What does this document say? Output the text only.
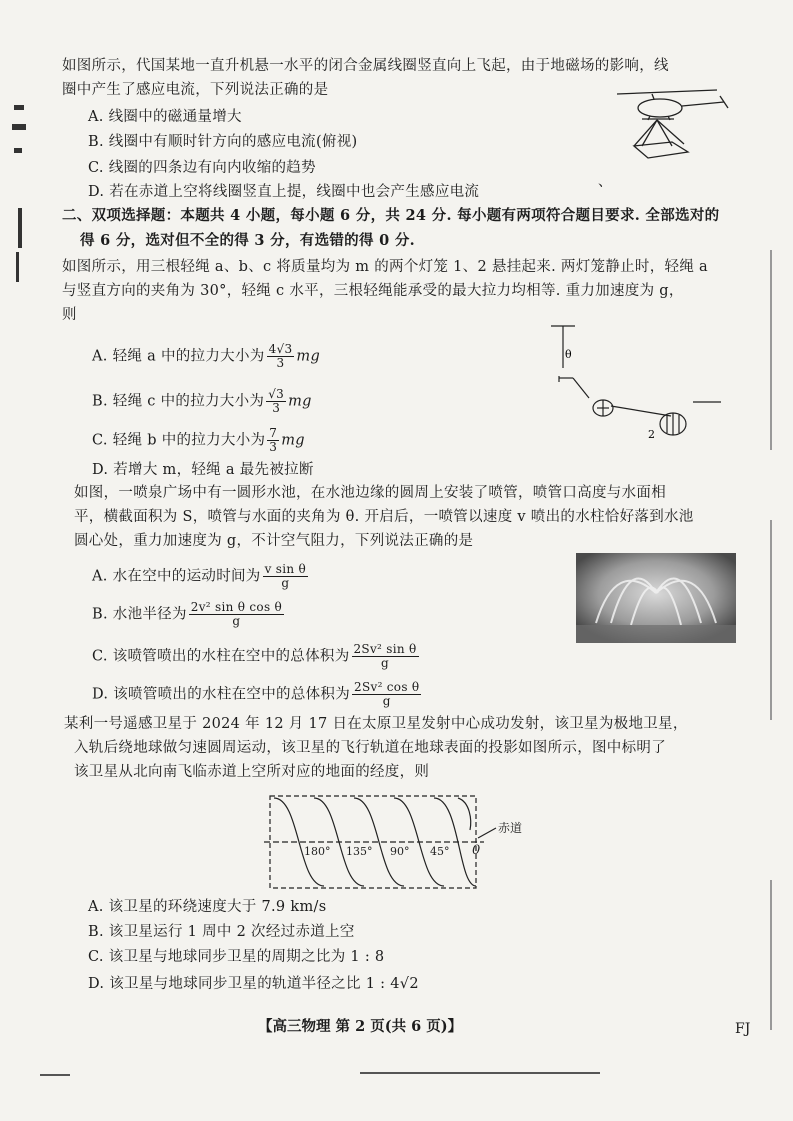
如图所示，代国某地一直升机悬一水平的闭合金属线圈竖直向上飞起，由于地磁场的影响，线
圈中产生了感应电流，下列说法正确的是
A. 线圈中的磁通量增大
B. 线圈中有顺时针方向的感应电流(俯视)
C. 线圈的四条边有向内收缩的趋势
D. 若在赤道上空将线圈竖直上提，线圈中也会产生感应电流
、
二、双项选择题：本题共 4 小题，每小题 6 分，共 24 分. 每小题有两项符合题目要求. 全部选对的
得 6 分，选对但不全的得 3 分，有选错的得 0 分.
如图所示，用三根轻绳 a、b、c 将质量均为 m 的两个灯笼 1、2 悬挂起来. 两灯笼静止时，轻绳 a
与竖直方向的夹角为 30°，轻绳 c 水平，三根轻绳能承受的最大拉力均相等. 重力加速度为 g，
则
A. 轻绳 a 中的拉力大小为 $\frac{4√3}{3}$ mg
B. 轻绳 c 中的拉力大小为 $\frac{√3}{3}$ mg
C. 轻绳 b 中的拉力大小为 $\frac{7}{3}$ mg
D. 若增大 m，轻绳 a 最先被拉断
θ
2
如图，一喷泉广场中有一圆形水池，在水池边缘的圆周上安装了喷管，喷管口高度与水面相
平，横截面积为 S，喷管与水面的夹角为 θ. 开启后，一喷管以速度 v 喷出的水柱恰好落到水池
圆心处，重力加速度为 g，不计空气阻力，下列说法正确的是
A. 水在空中的运动时间为 $\frac{\text{v sin θ}}{g}$
B. 水池半径为 $\frac{\text{2v² sin θ cos θ}}{g}$
C. 该喷管喷出的水柱在空中的总体积为 $\frac{\text{2Sv² sin θ}}{g}$
D. 该喷管喷出的水柱在空中的总体积为 $\frac{\text{2Sv² cos θ}}{g}$
某利一号遥感卫星于 2024 年 12 月 17 日在太原卫星发射中心成功发射，该卫星为极地卫星，
入轨后绕地球做匀速圆周运动，该卫星的飞行轨道在地球表面的投影如图所示，图中标明了
该卫星从北向南飞临赤道上空所对应的地面的经度，则
180° 135° 90° 45° 0
赤道
A. 该卫星的环绕速度大于 7.9 km/s
B. 该卫星运行 1 周中 2 次经过赤道上空
C. 该卫星与地球同步卫星的周期之比为 1 : 8
D. 该卫星与地球同步卫星的轨道半径之比 1 : 4√2
【高三物理 第 2 页(共 6 页)】	FJ
